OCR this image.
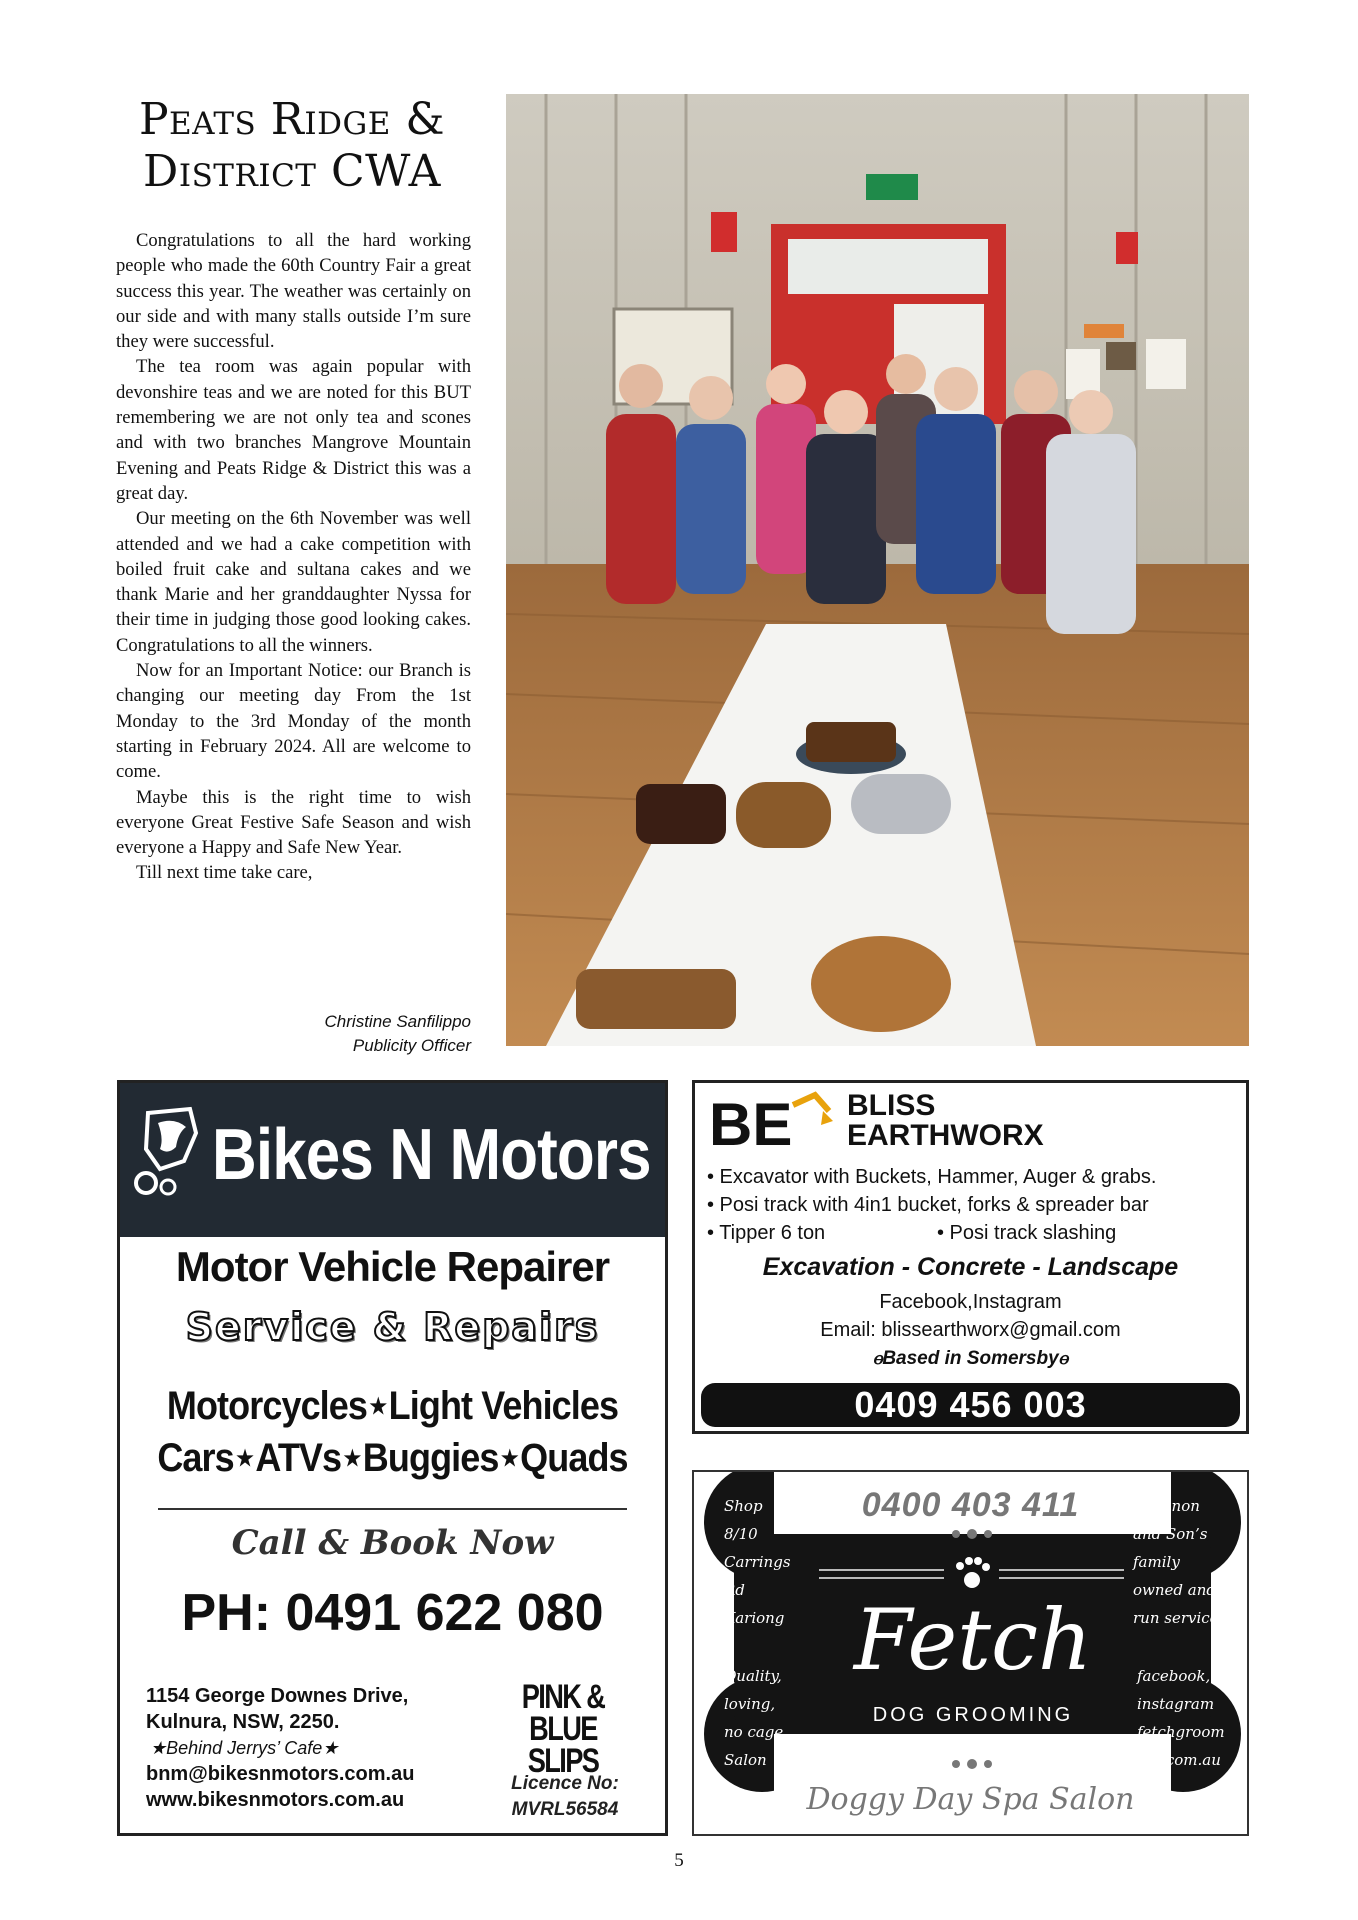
Peats Ridge &
District CWA

Congratulations to all the hard working people who made the 60th Country Fair a great success this year. The weather was certainly on our side and with many stalls outside I’m sure they were successful.

The tea room was again popular with devonshire teas and we are noted for this BUT remembering we are not only tea and scones and with two branches Mangrove Mountain Evening and Peats Ridge & District this was a great day.

Our meeting on the 6th November was well attended and we had a cake competition with boiled fruit cake and sultana cakes and we thank Marie and her granddaughter Nyssa for their time in judging those good looking cakes. Congratulations to all the winners.

Now for an Important Notice: our Branch is changing our meeting day From the 1st Monday to the 3rd Monday of the month starting in February 2024. All are welcome to come.

Maybe this is the right time to wish everyone Great Festive Safe Season and wish everyone a Happy and Safe New Year.

Till next time take care,

Christine Sanfilippo
Publicity Officer
Bikes N Motors
Motor Vehicle Repairer
Service & Repairs
Motorcycles⋆Light Vehicles
Cars⋆ATVs⋆Buggies⋆Quads
Call & Book Now
PH: 0491 622 080
1154 George Downes Drive,
Kulnura, NSW, 2250.
★Behind Jerrys’ Cafe★
bnm@bikesnmotors.com.au
www.bikesnmotors.com.au
PINK & BLUE
SLIPS
Licence No:
MVRL56584
BE BLISS
EARTHWORX
• Excavator with Buckets, Hammer, Auger & grabs.
• Posi track with 4in1 bucket, forks & spreader bar
• Tipper 6 ton	• Posi track slashing
Excavation - Concrete - Landscape
Facebook,Instagram
Email: blissearthworx@gmail.com
ⲑBased in Somersbyⲑ
0409 456 003
0400 403 411
Fetch
DOG GROOMING
Doggy Day Spa Salon
Shop
8/10
Carrings
Rd
Kariong
Quality,
loving,
no cage
Salon
Shannon
and Son’s
family
owned and
run service
facebook,
instagram
fetchgroom
ing.com.au
5
